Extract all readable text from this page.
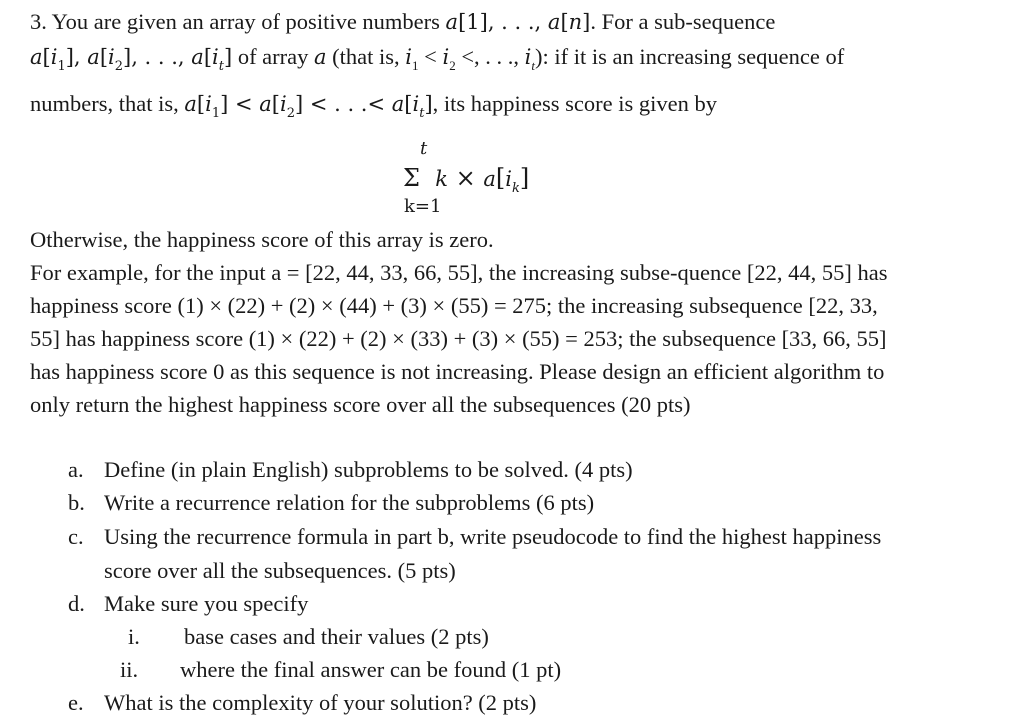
3. You are given an array of positive numbers a[1], . . ., a[n]. For a sub-sequence
$a[i_1]$, $a[i_2]$, . . ., $a[i_t]$ of array a (that is, $i_1 < i_2$ <, . . ., $i_t$): if it is an increasing sequence of
numbers, that is, $a[i_1] < a[i_2]$ < . . .< $a[i_t]$, its happiness score is given by
t
Σ  $k \times a[i_k]$
k=1
Otherwise, the happiness score of this array is zero.
For example, for the input a = [22, 44, 33, 66, 55], the increasing subse-quence [22, 44, 55] has
happiness score (1) × (22) + (2) × (44) + (3) × (55) = 275; the increasing subsequence [22, 33,
55] has happiness score (1) × (22) + (2) × (33) + (3) × (55) = 253; the subsequence [33, 66, 55]
has happiness score 0 as this sequence is not increasing. Please design an efficient algorithm to
only return the highest happiness score over all the subsequences (20 pts)
a. Define (in plain English) subproblems to be solved. (4 pts)
b. Write a recurrence relation for the subproblems (6 pts)
c. Using the recurrence formula in part b, write pseudocode to find the highest happiness
score over all the subsequences. (5 pts)
d. Make sure you specify
i. base cases and their values (2 pts)
ii. where the final answer can be found (1 pt)
e. What is the complexity of your solution? (2 pts)
